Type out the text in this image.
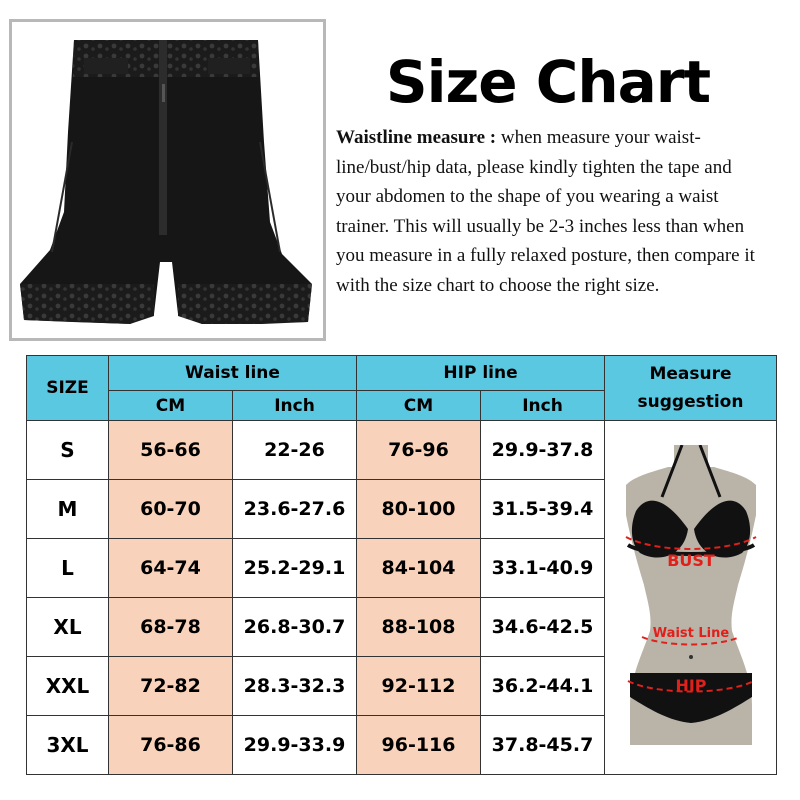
Size Chart
Waistline measure : when measure your waist-line/bust/hip data, please kindly tighten the tape and your abdomen to the shape of you wearing a waist trainer. This will usually be 2-3 inches less than when you measure in a fully relaxed posture, then compare it with the size chart to choose the right size.
SIZE	Waist line		HIP line		Measure
suggestion
	CM	Inch	CM	Inch	
S	56-66	22-26	76-96	29.9-37.8	BUST
Waist Line
HIP

M	60-70	23.6-27.6	80-100	31.5-39.4	
L	64-74	25.2-29.1	84-104	33.1-40.9	
XL	68-78	26.8-30.7	88-108	34.6-42.5	
XXL	72-82	28.3-32.3	92-112	36.2-44.1	
3XL	76-86	29.9-33.9	96-116	37.8-45.7	
